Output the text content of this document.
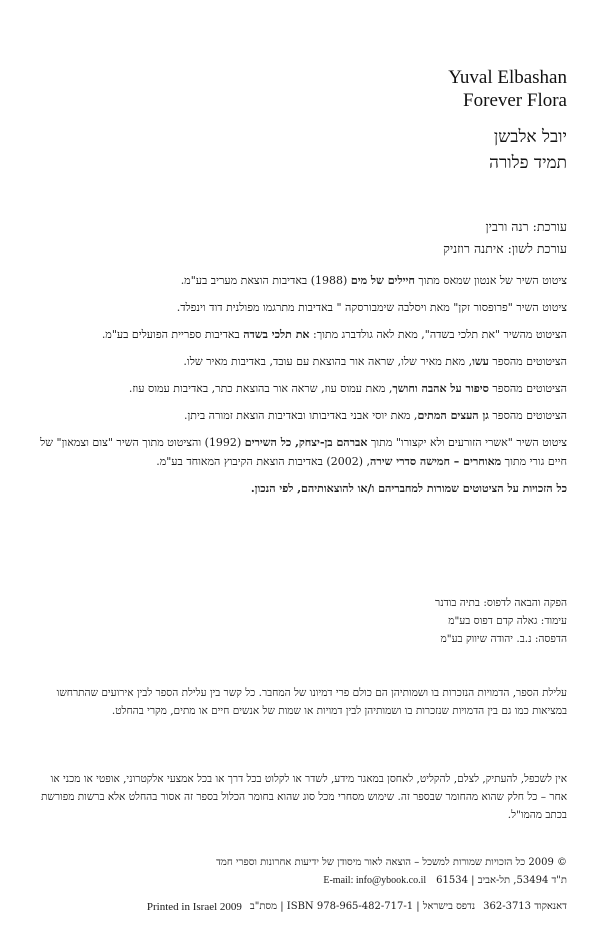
Yuval Elbashan
Forever Flora
יובל אלבשן
תמיד פלורה
עורכת: רנה ורבין
עורכת לשון: איתנה רוזניק
ציטוט השיר של אנטון שמאס מתוך חיילים של מים (1988) באדיבות הוצאת מעריב בע"מ.
ציטוט השיר "פרופסור זקן" מאת ויסלבה שימבורסקה " באדיבות מתרגמו מפולנית דוד וינפלד.
הציטוט מהשיר "את תלכי בשדה", מאת לאה גולדברג מתוך: את תלכי בשדה באדיבות ספריית הפועלים בע"מ.
הציטוטים מהספר עשו, מאת מאיר שלו, שראה אור בהוצאת עם עובד, באדיבות מאיר שלו.
הציטוטים מהספר סיפור על אהבה וחושך, מאת עמוס עוז, שראה אור בהוצאת כתר, באדיבות עמוס עוז.
הציטוטים מהספר גן העצים המתים, מאת יוסי אבני באדיבותו ובאדיבות הוצאת זמורה ביתן.
ציטוט השיר "אשרי הזורעים ולא יקצורו" מתוך אברהם בן-יצחק, כל השירים (1992) והציטוט מתוך השיר "צום וצמאון" של חיים גורי מתוך מאוחרים – חמישה סדרי שירה, (2002) באדיבות הוצאת הקיבוץ המאוחד בע"מ.
כל הזכויות על הציטוטים שמורות למחבריהם ו/או להוצאותיהם, לפי הנכון.
הפקה והבאה לדפוס: בתיה בודנר
עימוד: גאלה קדם דפוס בע"מ
הדפסה: נ.ב. יהודה שיווק בע"מ
עלילת הספר, הדמויות הנזכרות בו ושמותיהן הם כולם פרי דמיונו של המחבר. כל קשר בין עלילת הספר לבין אירועים שהתרחשו במציאות כמו גם בין הדמויות שנזכרות בו ושמותיהן לבין דמויות או שמות של אנשים חיים או מתים, מקרי בהחלט.
אין לשכפל, להעתיק, לצלם, להקליט, לאחסן במאגר מידע, לשדר או לקלוט בכל דרך או בכל אמצעי אלקטרוני, אופטי או מכני או אחר – כל חלק שהוא מהחומר שבספר זה. שימוש מסחרי מכל סוג שהוא בחומר הכלול בספר זה אסור בהחלט אלא ברשות מפורשת בכתב מהמו"ל.
© 2009 כל הזכויות שמורות למשכל – הוצאה לאור מיסודן של ידיעות אחרונות וספרי חמד
E-mail: info@ybook.co.il ת"ד 53494, תל-אביב | 61534
Printed in Israel 2009 נדפס בישראל | ISBN 978-965-482-717-1 | מסת"ב דאנאקוד 362-3713
